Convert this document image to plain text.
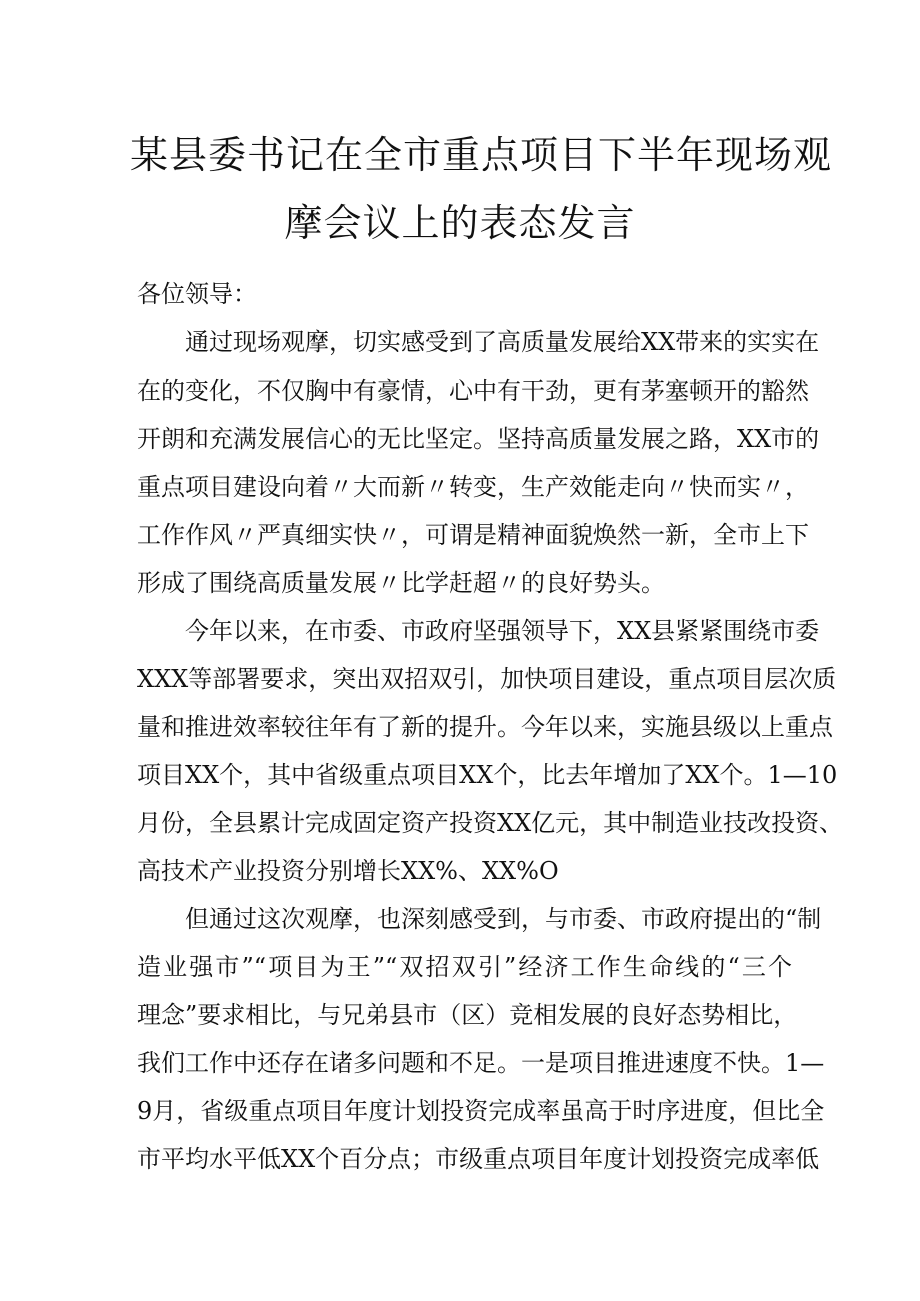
某县委书记在全市重点项目下半年现场观
摩会议上的表态发言
各位领导：
通过现场观摩，切实感受到了高质量发展给XX带来的实实在
在的变化，不仅胸中有豪情，心中有干劲，更有茅塞顿开的豁然
开朗和充满发展信心的无比坚定。坚持高质量发展之路，XX市的
重点项目建设向着〃大而新〃转变，生产效能走向〃快而实〃，
工作作风〃严真细实快〃，可谓是精神面貌焕然一新，全市上下
形成了围绕高质量发展〃比学赶超〃的良好势头。
今年以来，在市委、市政府坚强领导下，XX县紧紧围绕市委
XXX等部署要求，突出双招双引，加快项目建设，重点项目层次质
量和推进效率较往年有了新的提升。今年以来，实施县级以上重点
项目XX个，其中省级重点项目XX个，比去年增加了XX个。1—10
月份，全县累计完成固定资产投资XX亿元，其中制造业技改投资、
高技术产业投资分别增长XX%、XX%O
但通过这次观摩，也深刻感受到，与市委、市政府提出的“制
造业强市”“项目为王”“双招双引”经济工作生命线的“三个
理念”要求相比，与兄弟县市（区）竞相发展的良好态势相比，
我们工作中还存在诸多问题和不足。一是项目推进速度不快。1—
9月，省级重点项目年度计划投资完成率虽高于时序进度，但比全
市平均水平低XX个百分点；市级重点项目年度计划投资完成率低
